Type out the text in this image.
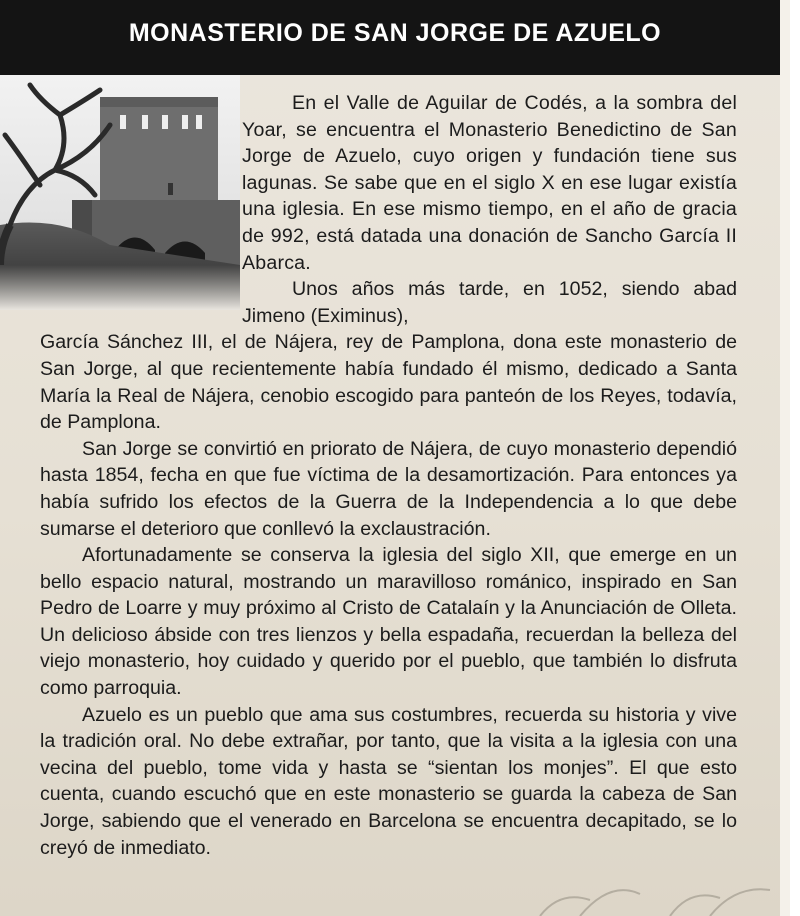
MONASTERIO DE SAN JORGE DE AZUELO

En el Valle de Aguilar de Codés, a la sombra del Yoar, se encuentra el Monasterio Benedictino de San Jorge de Azuelo, cuyo origen y fundación tiene sus lagunas. Se sabe que en el siglo X en ese lugar existía una iglesia. En ese mismo tiempo, en el año de gracia de 992, está datada una donación de Sancho García II Abarca.

Unos años más tarde, en 1052, siendo abad Jimeno (Eximinus),

García Sánchez III, el de Nájera, rey de Pamplona, dona este monasterio de San Jorge, al que recientemente había fundado él mismo, dedicado a Santa María la Real de Nájera, cenobio escogido para panteón de los Reyes, todavía, de Pamplona.

San Jorge se convirtió en priorato de Nájera, de cuyo monasterio dependió hasta 1854, fecha en que fue víctima de la desamortización. Para entonces ya había sufrido los efectos de la Guerra de la Independencia a lo que debe sumarse el deterioro que conllevó la exclaustración.

Afortunadamente se conserva la iglesia del siglo XII, que emerge en un bello espacio natural, mostrando un maravilloso románico, inspirado en San Pedro de Loarre y muy próximo al Cristo de Catalaín y la Anunciación de Olleta. Un delicioso ábside con tres lienzos y bella espadaña, recuerdan la belleza del viejo monasterio, hoy cuidado y querido por el pueblo, que también lo disfruta como parroquia.

Azuelo es un pueblo que ama sus costumbres, recuerda su historia y vive la tradición oral. No debe extrañar, por tanto, que la visita a la iglesia con una vecina del pueblo, tome vida y hasta se “sientan los monjes”. El que esto cuenta, cuando escuchó que en este monasterio se guarda la cabeza de San Jorge, sabiendo que el venerado en Barcelona se encuentra decapitado, se lo creyó de inmediato.
